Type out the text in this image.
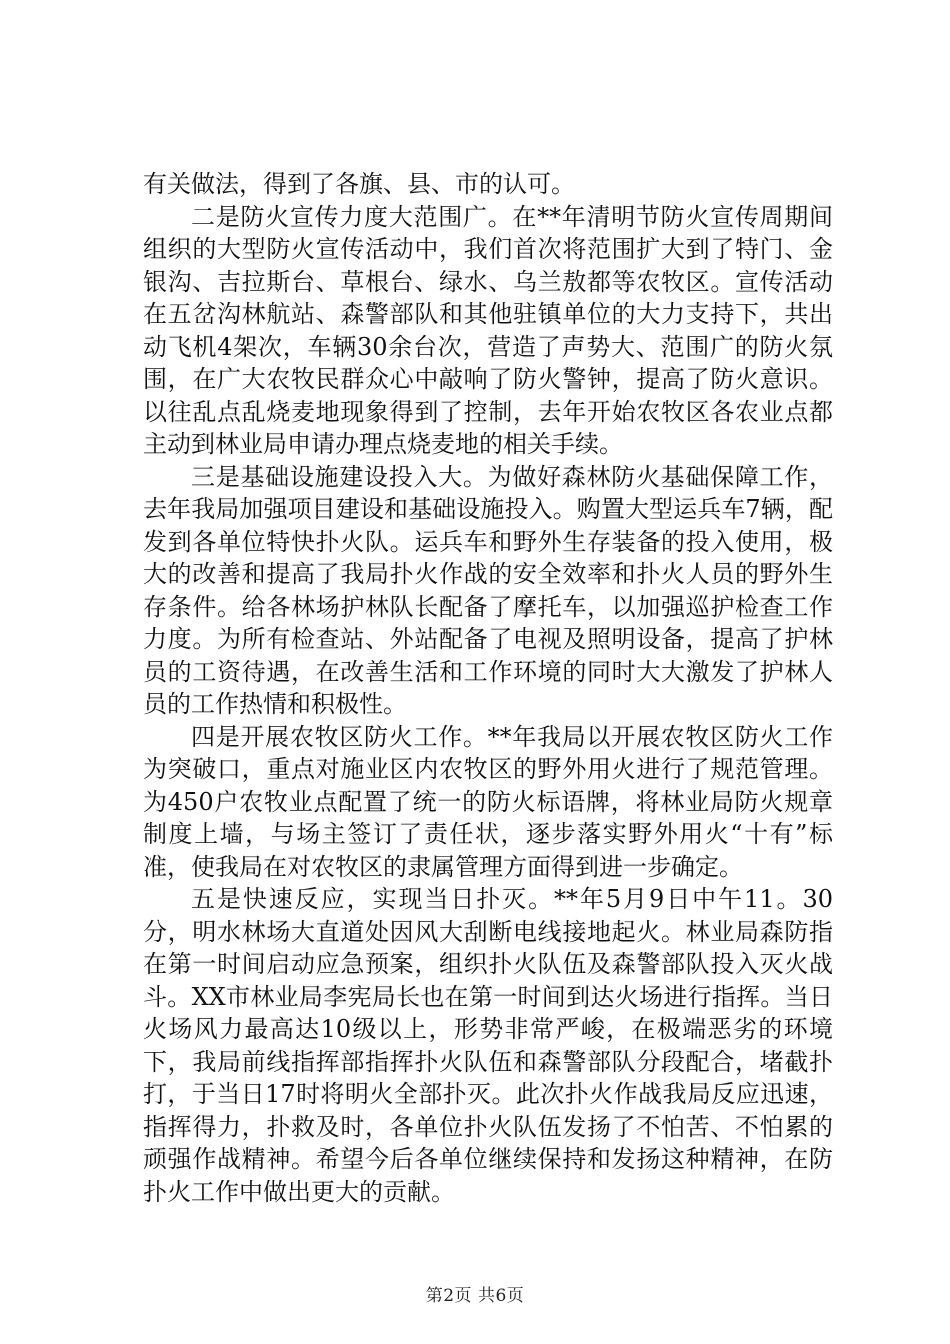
有关做法，得到了各旗、县、市的认可。

二是防火宣传力度大范围广。在**年清明节防火宣传周期间组织的大型防火宣传活动中，我们首次将范围扩大到了特门、金银沟、吉拉斯台、草根台、绿水、乌兰敖都等农牧区。宣传活动在五岔沟林航站、森警部队和其他驻镇单位的大力支持下，共出动飞机4架次，车辆30余台次，营造了声势大、范围广的防火氛围，在广大农牧民群众心中敲响了防火警钟，提高了防火意识。以往乱点乱烧麦地现象得到了控制，去年开始农牧区各农业点都主动到林业局申请办理点烧麦地的相关手续。

三是基础设施建设投入大。为做好森林防火基础保障工作，去年我局加强项目建设和基础设施投入。购置大型运兵车7辆，配发到各单位特快扑火队。运兵车和野外生存装备的投入使用，极大的改善和提高了我局扑火作战的安全效率和扑火人员的野外生存条件。给各林场护林队长配备了摩托车，以加强巡护检查工作力度。为所有检查站、外站配备了电视及照明设备，提高了护林员的工资待遇，在改善生活和工作环境的同时大大激发了护林人员的工作热情和积极性。

四是开展农牧区防火工作。**年我局以开展农牧区防火工作为突破口，重点对施业区内农牧区的野外用火进行了规范管理。为450户农牧业点配置了统一的防火标语牌，将林业局防火规章制度上墙，与场主签订了责任状，逐步落实野外用火“十有”标准，使我局在对农牧区的隶属管理方面得到进一步确定。

五是快速反应，实现当日扑灭。**年5月9日中午11。30分，明水林场大直道处因风大刮断电线接地起火。林业局森防指在第一时间启动应急预案，组织扑火队伍及森警部队投入灭火战斗。XX市林业局李宪局长也在第一时间到达火场进行指挥。当日火场风力最高达10级以上，形势非常严峻，在极端恶劣的环境下，我局前线指挥部指挥扑火队伍和森警部队分段配合，堵截扑打，于当日17时将明火全部扑灭。此次扑火作战我局反应迅速，指挥得力，扑救及时，各单位扑火队伍发扬了不怕苦、不怕累的顽强作战精神。希望今后各单位继续保持和发扬这种精神，在防扑火工作中做出更大的贡献。

第2页 共6页
